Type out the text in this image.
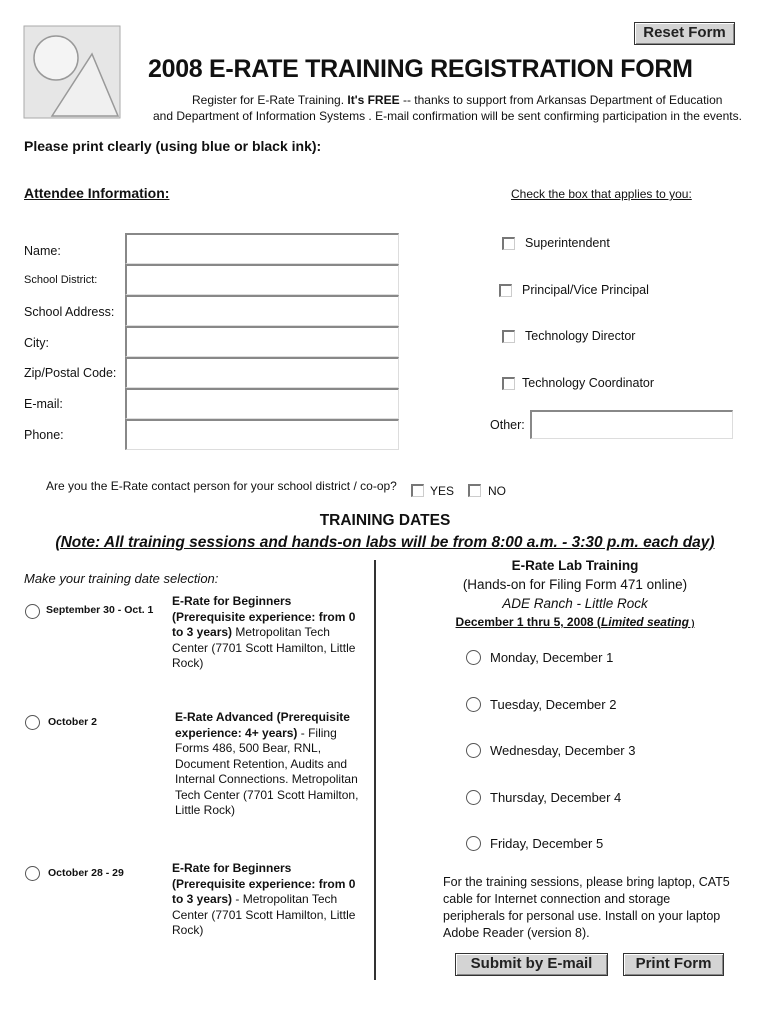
Reset Form
2008 E-RATE TRAINING REGISTRATION FORM
Register for E-Rate Training. It's FREE -- thanks to support from Arkansas Department of Education
and Department of Information Systems . E-mail confirmation will be sent confirming participation in the events.
Please print clearly (using blue or black ink):
Attendee Information:	Check the box that applies to you:
Name:
School District:
School Address:
City:
Zip/Postal Code:
E-mail:
Phone:
Superintendent
Principal/Vice Principal
Technology Director
Technology Coordinator
Other:
Are you the E-Rate contact person for your school district / co-op?	YES	NO
TRAINING DATES
(Note: All training sessions and hands-on labs will be from 8:00 a.m. - 3:30 p.m. each day)
Make your training date selection:
September 30 - Oct. 1
E-Rate for Beginners
(Prerequisite experience: from 0
to 3 years) Metropolitan Tech
Center (7701 Scott Hamilton, Little
Rock)
October 2	E-Rate Advanced (Prerequisite
experience: 4+ years) - Filing
Forms 486, 500 Bear, RNL,
Document Retention, Audits and
Internal Connections. Metropolitan
Tech Center (7701 Scott Hamilton,
Little Rock)
October 28 - 29	E-Rate for Beginners
(Prerequisite experience: from 0
to 3 years) - Metropolitan Tech
Center (7701 Scott Hamilton, Little
Rock)
E-Rate Lab Training
(Hands-on for Filing Form 471 online)
ADE Ranch - Little Rock
December 1 thru 5, 2008 (Limited seating )
Monday, December 1
Tuesday, December 2
Wednesday, December 3
Thursday, December 4
Friday, December 5
For the training sessions, please bring laptop, CAT5
cable for Internet connection and storage
peripherals for personal use. Install on your laptop
Adobe Reader (version 8).
Submit by E-mail	Print Form
